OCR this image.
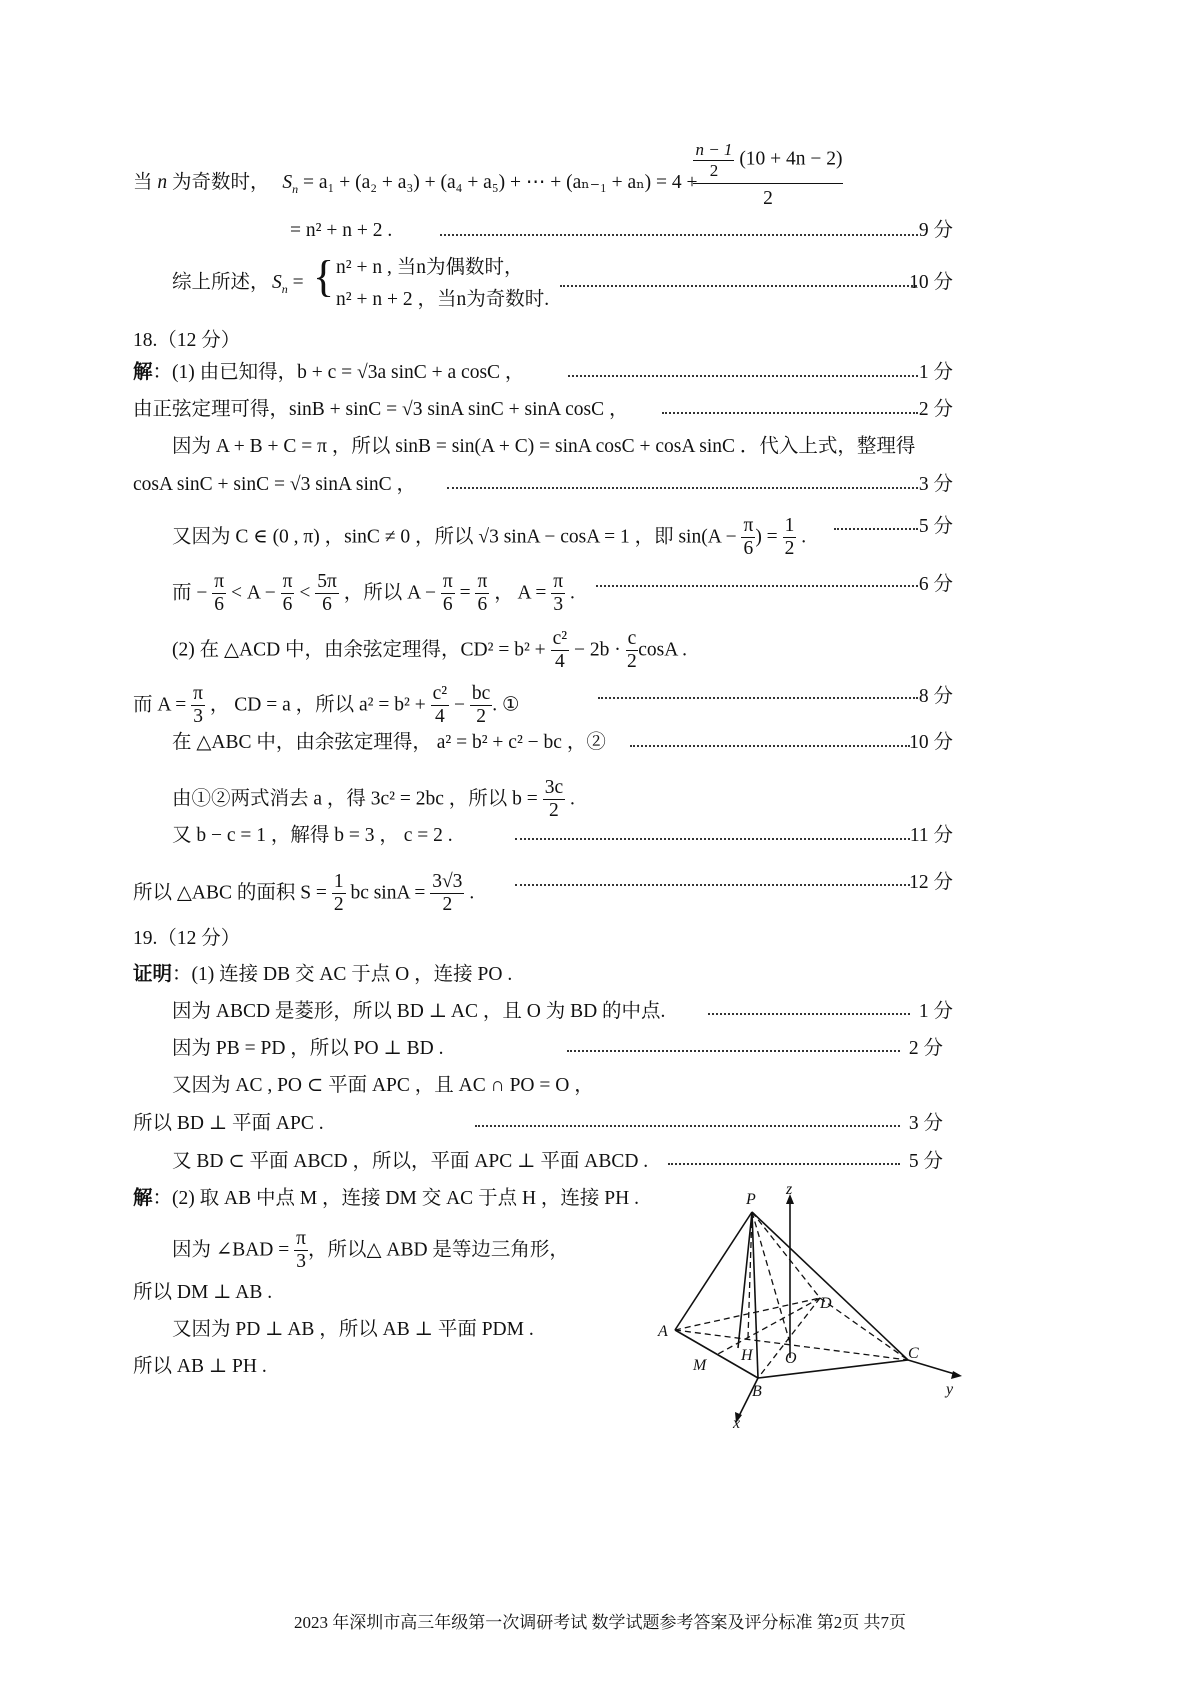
当 n 为奇数时， $S_n = a_1 + (a_2 + a_3) + (a_4 + a_5)$ + ⋯ + (aₙ₋₁ + aₙ) = 4 +
$\frac{n - 1}{2} (10 + 4n - 2)$
2
= n² + n + 2 .	9 分
综上所述， $S_n$ = { n² + n , 当n为偶数时，
n² + n + 2 ，当n为奇数时.
10 分
18.（12 分）
解：(1) 由已知得，b + c = √3a sinC + a cosC ，	1 分
由正弦定理可得，sinB + sinC = √3 sinA sinC + sinA cosC ，	2 分
因为 A + B + C = π ，所以 sinB = sin(A + C) = sinA cosC + cosA sinC ．代入上式，整理得
cosA sinC + sinC = √3 sinA sinC ，	3 分
又因为 C ∈ (0 , π) ，sinC ≠ 0 ，所以 √3 sinA − cosA = 1 ，即 $\sin(A - \frac{\pi}{6}$ ) = $\frac{1}{2}$ .	5 分
而 − $\frac{\pi}{6} < A - \frac{\pi}{6} < \frac{5\pi}{6}$ ，所以 $A - \frac{\pi}{6} = \frac{\pi}{6}$ ， $A = \frac{\pi}{3}$ .	6 分
(2) 在 △ACD 中，由余弦定理得，$CD^2 = b^2 + \frac{\text{c²}}{4} - 2b \cdot \frac{c}{2}$ cosA .
而 $A = \frac{\pi}{3}$ ， CD = a ，所以 $a^2 = b^2 + \frac{\text{c²}}{4} - \frac{bc}{2}$ . ①	8 分
在 △ABC 中，由余弦定理得， a² = b² + c² − bc ，②	10 分
由①②两式消去 a ，得 3c² = 2bc ，所以 $b = \frac{3c}{2}$ .
又 b − c = 1 ，解得 b = 3 ， c = 2 .	11 分
所以 △ABC 的面积 $S = \frac{1}{2}$ bc $\sin A = \frac{3√3}{2}$ .	12 分
19.（12 分）
证明：(1) 连接 DB 交 AC 于点 O ，连接 PO .
因为 ABCD 是菱形，所以 BD ⊥ AC ，且 O 为 BD 的中点.	1 分
因为 PB = PD ，所以 PO ⊥ BD .	2 分
又因为 AC , PO ⊂ 平面 APC ，且 AC ∩ PO = O ，
所以 BD ⊥ 平面 APC .	3 分
又 BD ⊂ 平面 ABCD ，所以，平面 APC ⊥ 平面 ABCD .	5 分
解：(2) 取 AB 中点 M ，连接 DM 交 AC 于点 H ，连接 PH .
因为 ∠BAD = $\frac{\pi}{3}$ ，所以△ ABD 是等边三角形，
所以 DM ⊥ AB .
又因为 PD ⊥ AB ，所以 AB ⊥ 平面 PDM .
所以 AB ⊥ PH .
P
z
D
A
H O	C
M
B	y
x
2023 年深圳市高三年级第一次调研考试 数学试题参考答案及评分标准 第2页 共7页
